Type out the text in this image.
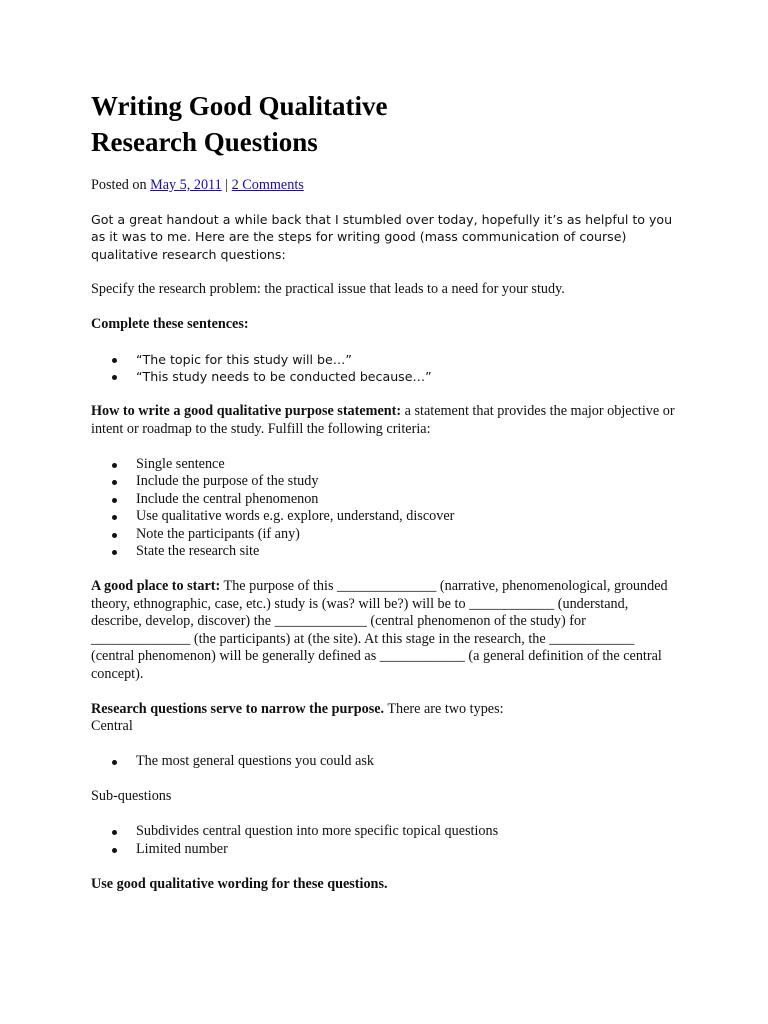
Writing Good Qualitative
Research Questions

Posted on May 5, 2011 | 2 Comments

Got a great handout a while back that I stumbled over today, hopefully it’s as helpful to you as it was to me. Here are the steps for writing good (mass communication of course) qualitative research questions:

Specify the research problem: the practical issue that leads to a need for your study.

Complete these sentences:

“The topic for this study will be…”
“This study needs to be conducted because…”

How to write a good qualitative purpose statement: a statement that provides the major objective or intent or roadmap to the study. Fulfill the following criteria:

Single sentence
Include the purpose of the study
Include the central phenomenon
Use qualitative words e.g. explore, understand, discover
Note the participants (if any)
State the research site

A good place to start: The purpose of this ______________ (narrative, phenomenological, grounded theory, ethnographic, case, etc.) study is (was? will be?) will be to ____________ (understand, describe, develop, discover) the _____________ (central phenomenon of the study) for ______________ (the participants) at (the site). At this stage in the research, the ____________ (central phenomenon) will be generally defined as ____________ (a general definition of the central concept).

Research questions serve to narrow the purpose. There are two types:
Central

The most general questions you could ask

Sub-questions

Subdivides central question into more specific topical questions
Limited number

Use good qualitative wording for these questions.
